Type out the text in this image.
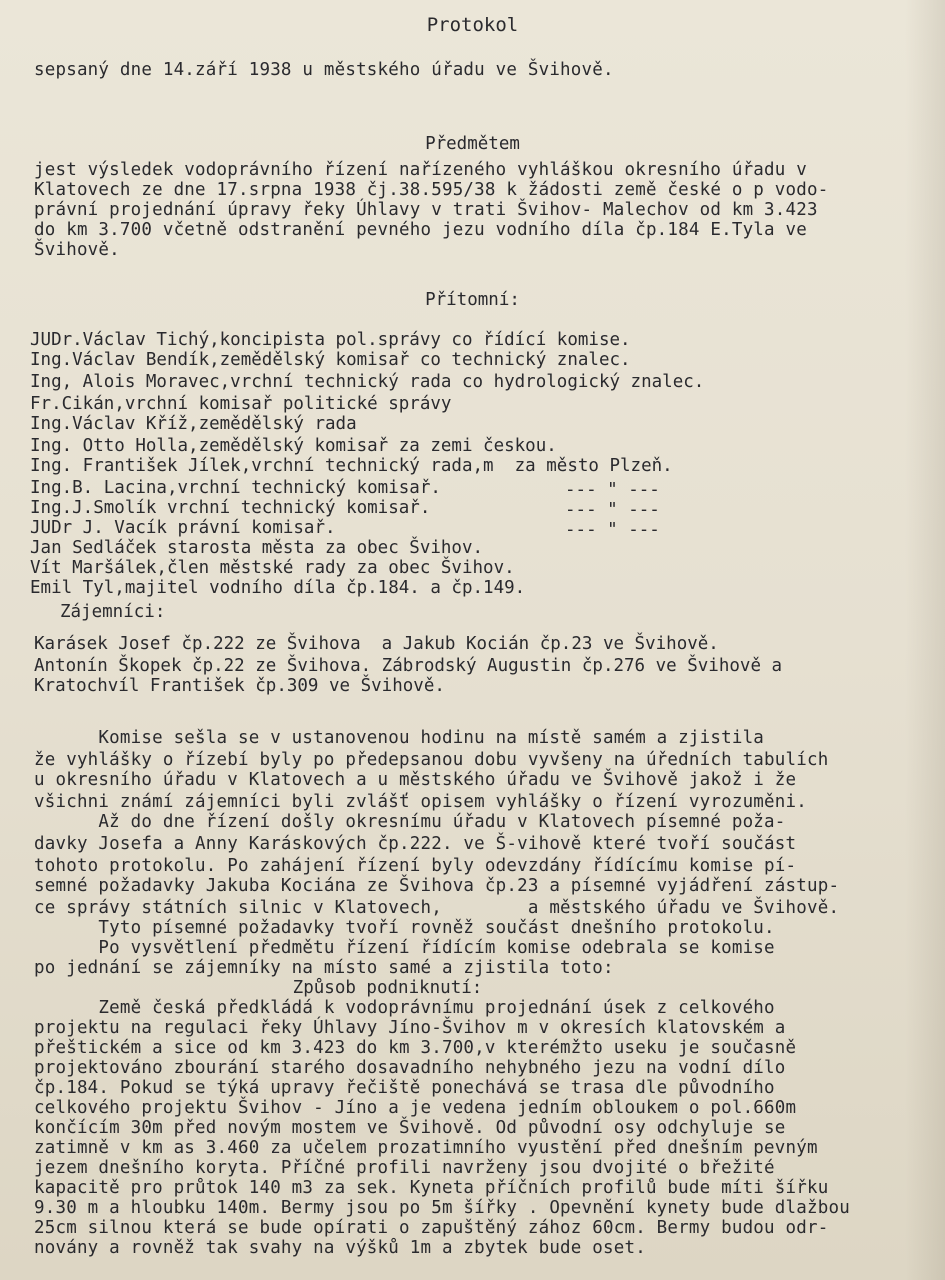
Protokol
sepsaný dne 14.září 1938 u městského úřadu ve Švihově.
Předmětem
jest výsledek vodoprávního řízení nařízeného vyhláškou okresního úřadu v
Klatovech ze dne 17.srpna 1938 čj.38.595/38 k žádosti země české o p vodo-
právní projednání úpravy řeky Úhlavy v trati Švihov- Malechov od km 3.423
do km 3.700 včetně odstranění pevného jezu vodního díla čp.184 E.Tyla ve
Švihově.
Přítomní:
JUDr.Václav Tichý,koncipista pol.správy co řídící komise.
Ing.Václav Bendík,zemědělský komisař co technický znalec.
Ing, Alois Moravec,vrchní technický rada co hydrologický znalec.
Fr.Cikán,vrchní komisař politické správy
Ing.Václav Kříž,zemědělský rada
Ing. Otto Holla,zemědělský komisař za zemi českou.
Ing. František Jílek,vrchní technický rada,m  za město Plzeň.
Ing.B. Lacina,vrchní technický komisař.
Ing.J.Smolík vrchní technický komisař.
JUDr J. Vacík právní komisař.
Jan Sedláček starosta města za obec Švihov.
Vít Maršálek,člen městské rady za obec Švihov.
Emil Tyl,majitel vodního díla čp.184. a čp.149.
--- " ---
--- " ---
--- " ---
Zájemníci:
Karásek Josef čp.222 ze Švihova  a Jakub Kocián čp.23 ve Švihově.
Antonín Škopek čp.22 ze Švihova. Zábrodský Augustin čp.276 ve Švihově a
Kratochvíl František čp.309 ve Švihově.
Komise sešla se v ustanovenou hodinu na místě samém a zjistila
že vyhlášky o řízebí byly po předepsanou dobu vyvšeny na úředních tabulích
u okresního úřadu v Klatovech a u městského úřadu ve Švihově jakož i že
všichni známí zájemníci byli zvlášť opisem vyhlášky o řízení vyrozuměni.
Až do dne řízení došly okresnímu úřadu v Klatovech písemné poža-
davky Josefa a Anny Karáskových čp.222. ve Š-vihově které tvoří součást
tohoto protokolu. Po zahájení řízení byly odevzdány řídícímu komise pí-
semné požadavky Jakuba Kociána ze Švihova čp.23 a písemné vyjádření zástup-
ce správy státních silnic v Klatovech,        a městského úřadu ve Švihově.
Tyto písemné požadavky tvoří rovněž součást dnešního protokolu.
Po vysvětlení předmětu řízení řídícím komise odebrala se komise
po jednání se zájemníky na místo samé a zjistila toto:
Způsob podniknutí:
Země česká předkládá k vodoprávnímu projednání úsek z celkového
projektu na regulaci řeky Úhlavy Jíno-Švihov m v okresích klatovském a
přeštickém a sice od km 3.423 do km 3.700,v kterémžto useku je současně
projektováno zbourání starého dosavadního nehybného jezu na vodní dílo
čp.184. Pokud se týká upravy řečiště ponechává se trasa dle původního
celkového projektu Švihov - Jíno a je vedena jedním obloukem o pol.660m
končícím 30m před novým mostem ve Švihově. Od původní osy odchyluje se
zatimně v km as 3.460 za učelem prozatimního vyustění před dnešním pevným
jezem dnešního koryta. Příčné profili navrženy jsou dvojité o břežité
kapacitě pro průtok 140 m3 za sek. Kyneta příčních profilů bude míti šířku
9.30 m a hloubku 140m. Bermy jsou po 5m šířky . Opevnění kynety bude dlažbou
25cm silnou která se bude opírati o zapuštěný zához 60cm. Bermy budou odr-
novány a rovněž tak svahy na výšků 1m a zbytek bude oset.
